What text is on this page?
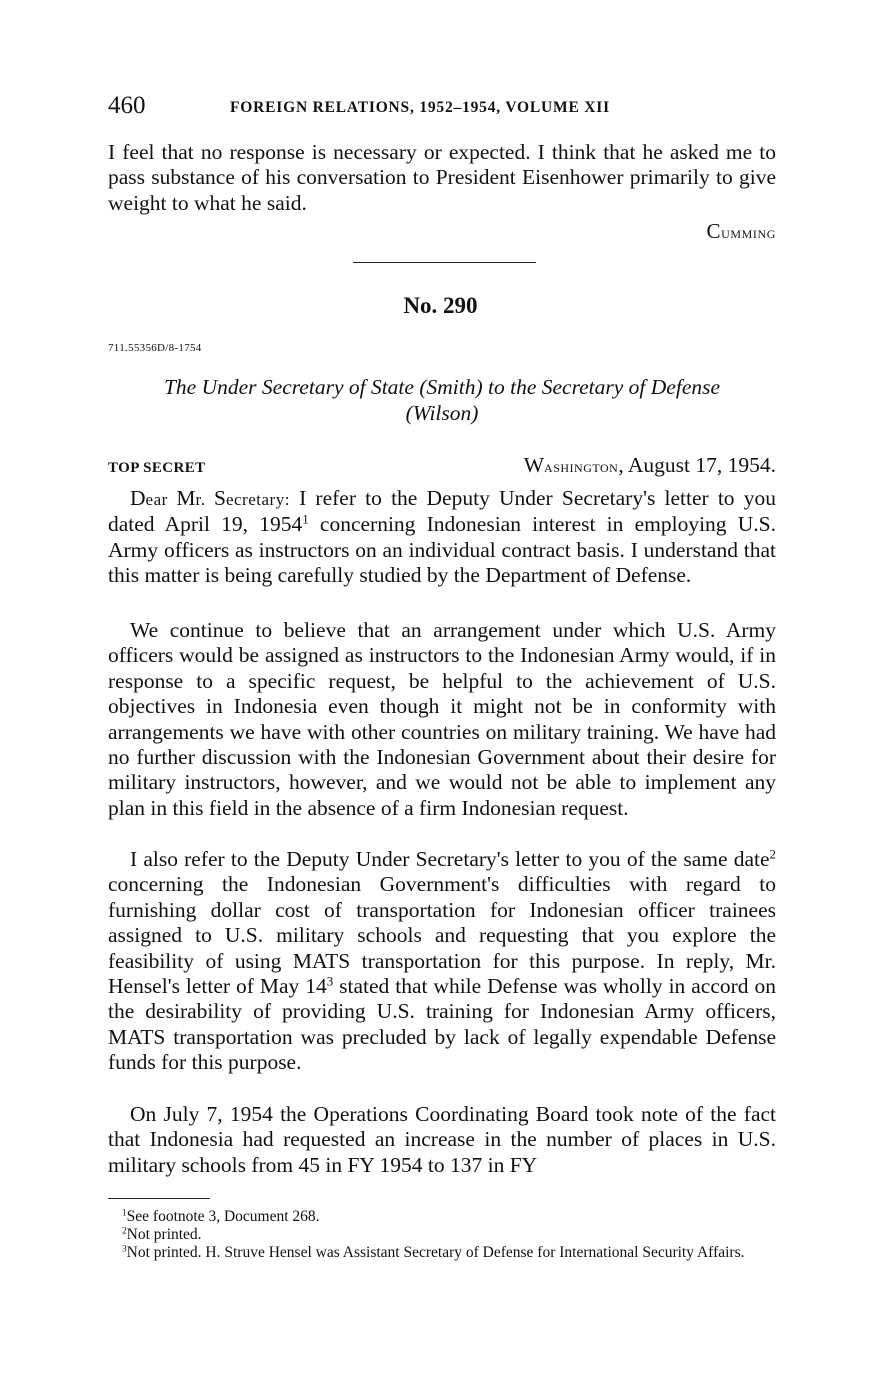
460	FOREIGN RELATIONS, 1952–1954, VOLUME XII
I feel that no response is necessary or expected. I think that he asked me to pass substance of his conversation to President Eisenhower primarily to give weight to what he said.
Cumming
No. 290
711.55356D/8-1754
The Under Secretary of State (Smith) to the Secretary of Defense
(Wilson)
TOP SECRET	Washington, August 17, 1954.
Dear Mr. Secretary: I refer to the Deputy Under Secretary's letter to you dated April 19, 1954$^1$ concerning Indonesian interest in employing U.S. Army officers as instructors on an individual contract basis. I understand that this matter is being carefully studied by the Department of Defense.
We continue to believe that an arrangement under which U.S. Army officers would be assigned as instructors to the Indonesian Army would, if in response to a specific request, be helpful to the achievement of U.S. objectives in Indonesia even though it might not be in conformity with arrangements we have with other countries on military training. We have had no further discussion with the Indonesian Government about their desire for military instructors, however, and we would not be able to implement any plan in this field in the absence of a firm Indonesian request.
I also refer to the Deputy Under Secretary's letter to you of the same date$^2$ concerning the Indonesian Government's difficulties with regard to furnishing dollar cost of transportation for Indonesian officer trainees assigned to U.S. military schools and requesting that you explore the feasibility of using MATS transportation for this purpose. In reply, Mr. Hensel's letter of May $14^3$ stated that while Defense was wholly in accord on the desirability of providing U.S. training for Indonesian Army officers, MATS transportation was precluded by lack of legally expendable Defense funds for this purpose.
On July 7, 1954 the Operations Coordinating Board took note of the fact that Indonesia had requested an increase in the number of places in U.S. military schools from 45 in FY 1954 to 137 in FY
$^1$See footnote 3, Document 268.
$^2$Not printed.
$^3$Not printed. H. Struve Hensel was Assistant Secretary of Defense for International Security Affairs.
